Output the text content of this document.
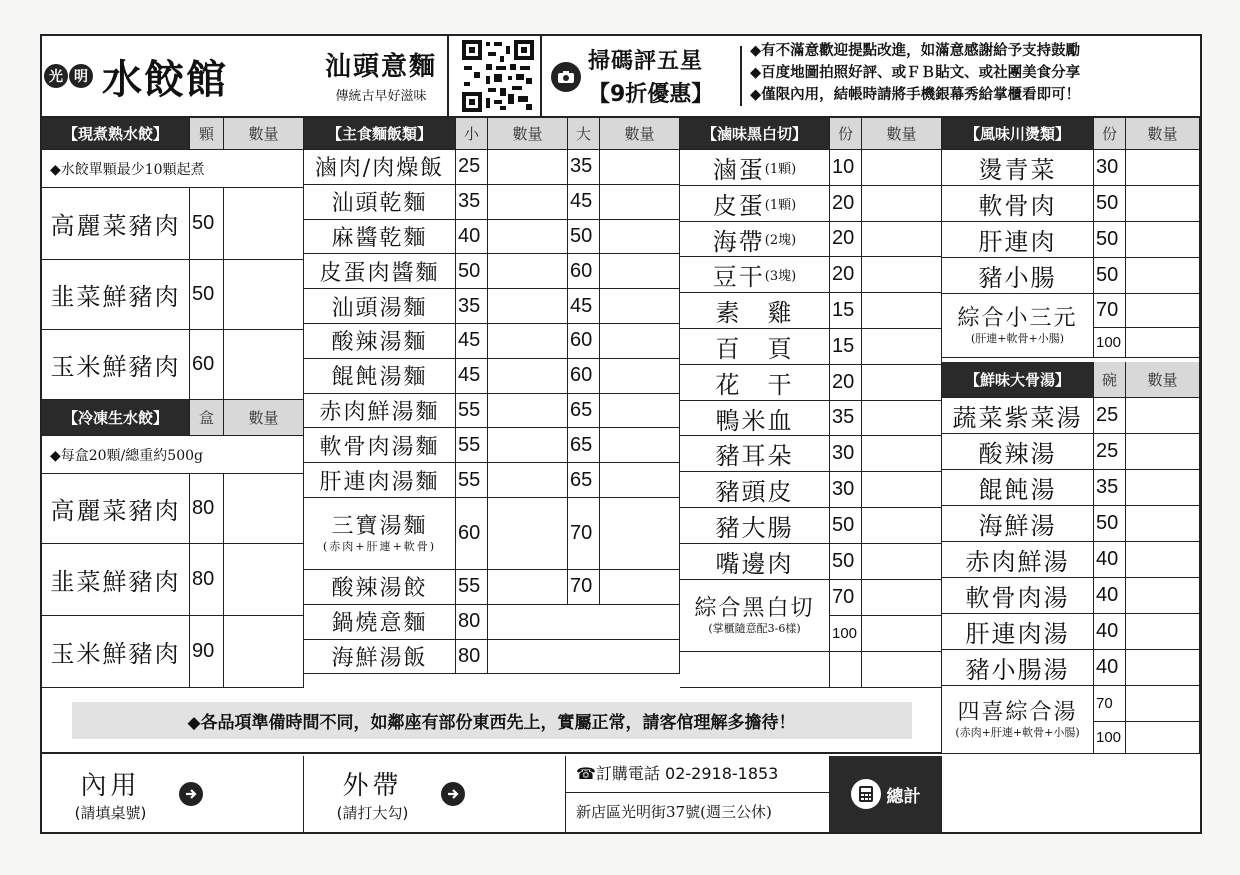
光 明 水餃館	汕頭意麵
傳統古早好滋味
掃碼評五星
【9折優惠】
◆有不滿意歡迎提點改進，如滿意感謝給予支持鼓勵
◆百度地圖拍照好評、或ＦＢ貼文、或社團美食分享
◆僅限內用，結帳時請將手機銀幕秀給掌櫃看即可！
【現煮熟水餃】	顆	數量
◆水餃單顆最少10顆起煮
高麗菜豬肉 50
韭菜鮮豬肉 50
玉米鮮豬肉 60
【冷凍生水餃】	盒	數量
◆每盒20顆/總重約500g
高麗菜豬肉 80
韭菜鮮豬肉 80
玉米鮮豬肉 90
【主食麵飯類】	小	數量	大	數量
滷肉/肉燥飯 25	35
汕頭乾麵 35	45
麻醬乾麵 40	50
皮蛋肉醬麵 50	60
汕頭湯麵 35	45
酸辣湯麵 45	60
餛飩湯麵 45	60
赤肉鮮湯麵 55	65
軟骨肉湯麵 55	65
肝連肉湯麵 55	65
三寶湯麵
(赤肉+肝連+軟骨)
60	70
酸辣湯餃 55	70
鍋燒意麵 80
海鮮湯飯 80
【滷味黑白切】	份	數量
滷蛋 (1顆) 10
皮蛋 (1顆) 20
海帶 (2塊) 20
豆干 (3塊) 20
素　雞 15
百　頁 15
花　干 20
鴨米血 35
豬耳朵 30
豬頭皮 30
豬大腸 50
嘴邊肉 50
綜合黑白切
(掌櫃隨意配3-6樣)
70
100
【風味川燙類】	份	數量
燙青菜	30
軟骨肉	50
肝連肉	50
豬小腸	50
綜合小三元
(肝連+軟骨+小腸)
70
100
【鮮味大骨湯】	碗	數量
蔬菜紫菜湯 25
酸辣湯	25
餛飩湯	35
海鮮湯	50
赤肉鮮湯	40
軟骨肉湯	40
肝連肉湯	40
豬小腸湯	40
四喜綜合湯
(赤肉+肝連+軟骨+小腸)
70
100
◆各品項準備時間不同，如鄰座有部份東西先上，實屬正常，請客倌理解多擔待！
內用
(請填桌號)
外帶
(請打大勾)
☎訂購電話 02-2918-1853
新店區光明街37號(週三公休)
總計
